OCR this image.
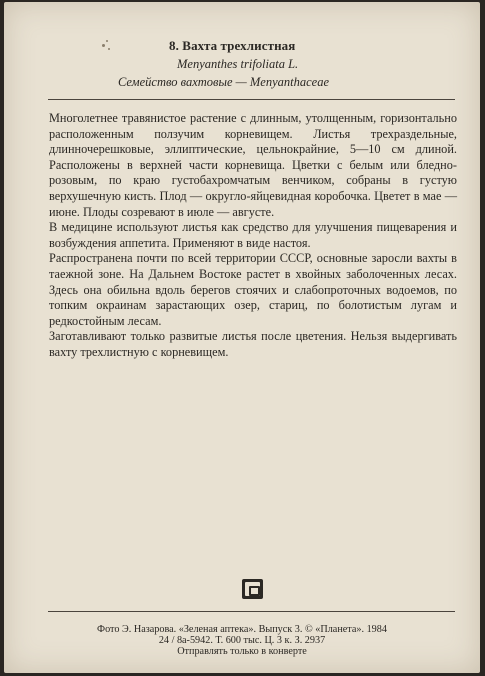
8. Вахта трехлистная
Menyanthes trifoliata L.
Семейство вахтовые — Menyanthaceae

Многолетнее травянистое растение с длинным, утолщенным, горизонтально расположенным ползучим корневищем. Листья трехраздельные, длинночерешковые, эллиптические, цельнокрайние, 5—10 см длиной. Расположены в верхней части корневища. Цветки с белым или бледно-розовым, по краю густобахромчатым венчиком, собраны в густую верхушечную кисть. Плод — округло-яйцевидная коробочка. Цветет в мае — июне. Плоды созревают в июле — августе.

В медицине используют листья как средство для улучшения пищеварения и возбуждения аппетита. Применяют в виде настоя.

Распространена почти по всей территории СССР, основные заросли вахты в таежной зоне. На Дальнем Востоке растет в хвойных заболоченных лесах. Здесь она обильна вдоль берегов стоячих и слабопроточных водоемов, по топким окраинам зарастающих озер, стариц, по болотистым лугам и редкостойным лесам.

Заготавливают только развитые листья после цветения. Нельзя выдергивать вахту трехлистную с корневищем.

Фото Э. Назарова. «Зеленая аптека». Выпуск 3. © «Планета». 1984
24 / 8а-5942. Т. 600 тыс. Ц. 3 к. З. 2937
Отправлять только в конверте
